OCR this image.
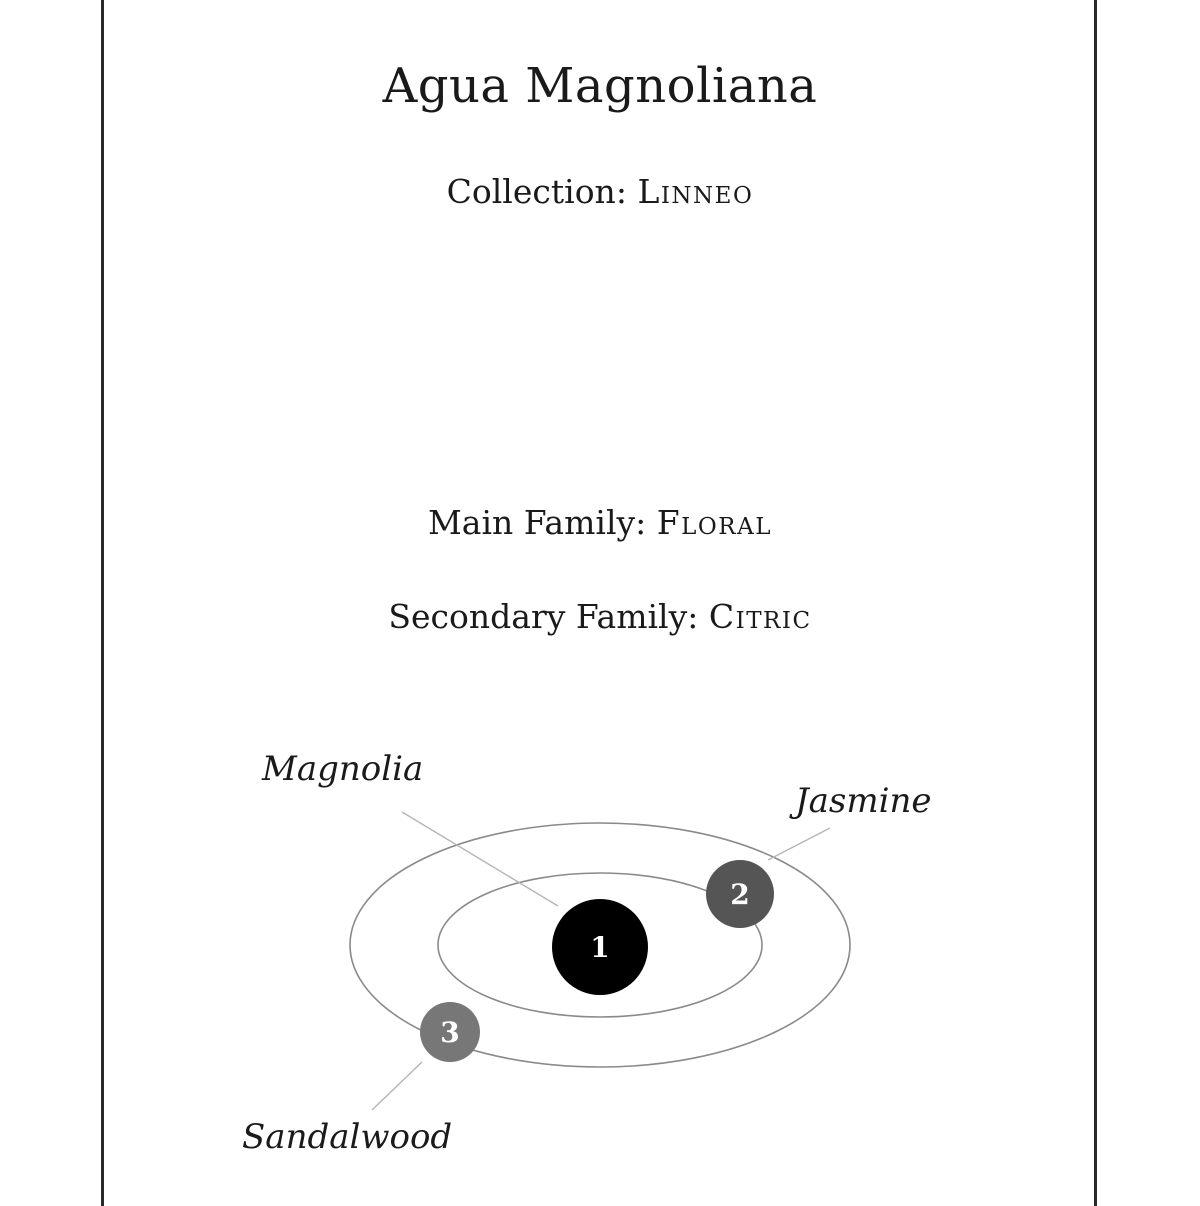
Agua Magnoliana
Collection: Linneo
Main Family: Floral
Secondary Family: Citric
1
2
3
Magnolia
Jasmine
Sandalwood
